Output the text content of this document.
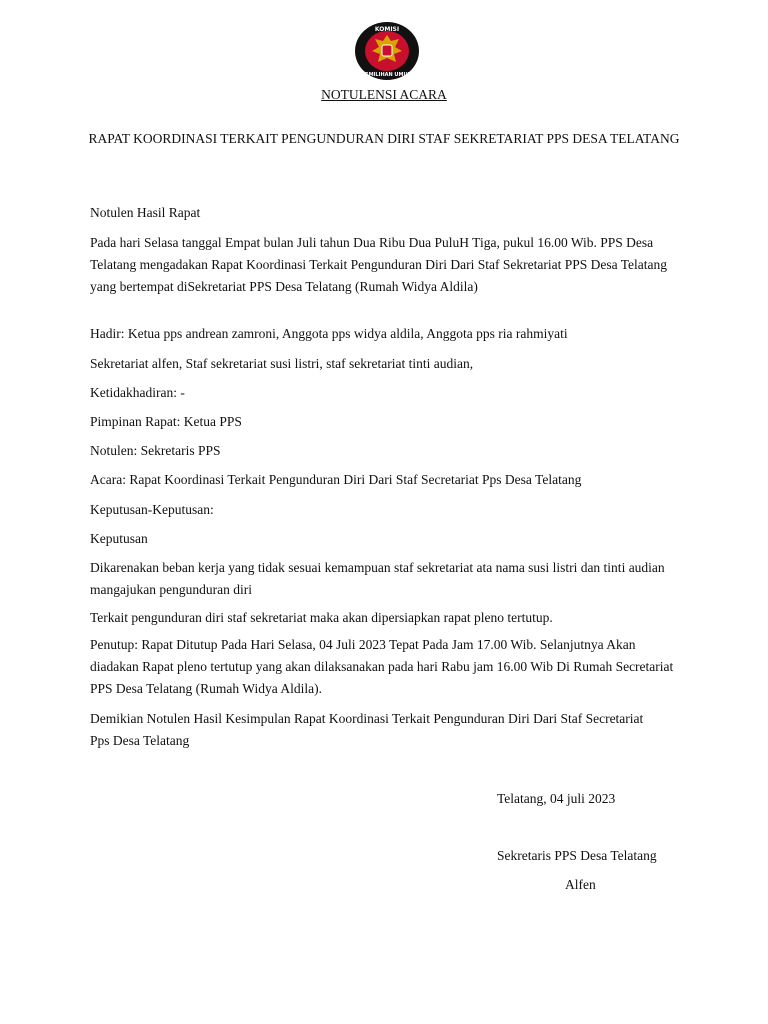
KOMISI
PEMILIHAN UMUM
NOTULENSI ACARA
RAPAT KOORDINASI TERKAIT PENGUNDURAN DIRI STAF SEKRETARIAT PPS DESA TELATANG
Notulen Hasil Rapat
Pada hari Selasa tanggal Empat bulan Juli tahun Dua Ribu Dua PuluH Tiga, pukul 16.00 Wib. PPS Desa Telatang mengadakan Rapat Koordinasi Terkait Pengunduran Diri Dari Staf Sekretariat PPS Desa Telatang yang bertempat diSekretariat PPS Desa Telatang (Rumah Widya Aldila)
Hadir: Ketua pps andrean zamroni, Anggota pps widya aldila, Anggota pps ria rahmiyati
Sekretariat alfen, Staf sekretariat susi listri, staf sekretariat tinti audian,
Ketidakhadiran: -
Pimpinan Rapat: Ketua PPS
Notulen: Sekretaris PPS
Acara: Rapat Koordinasi Terkait Pengunduran Diri Dari Staf Secretariat Pps Desa Telatang
Keputusan-Keputusan:
Keputusan
Dikarenakan beban kerja yang tidak sesuai kemampuan staf sekretariat ata nama susi listri dan tinti audian mangajukan pengunduran diri
Terkait pengunduran diri staf sekretariat maka akan dipersiapkan rapat pleno tertutup.
Penutup: Rapat Ditutup Pada Hari Selasa, 04 Juli 2023 Tepat Pada Jam 17.00 Wib. Selanjutnya Akan diadakan Rapat pleno tertutup yang akan dilaksanakan pada hari Rabu jam 16.00 Wib Di Rumah Secretariat PPS Desa Telatang (Rumah Widya Aldila).
Demikian Notulen Hasil Kesimpulan Rapat Koordinasi Terkait Pengunduran Diri Dari Staf Secretariat Pps Desa Telatang
Telatang, 04 juli 2023
Sekretaris PPS Desa Telatang
Alfen
